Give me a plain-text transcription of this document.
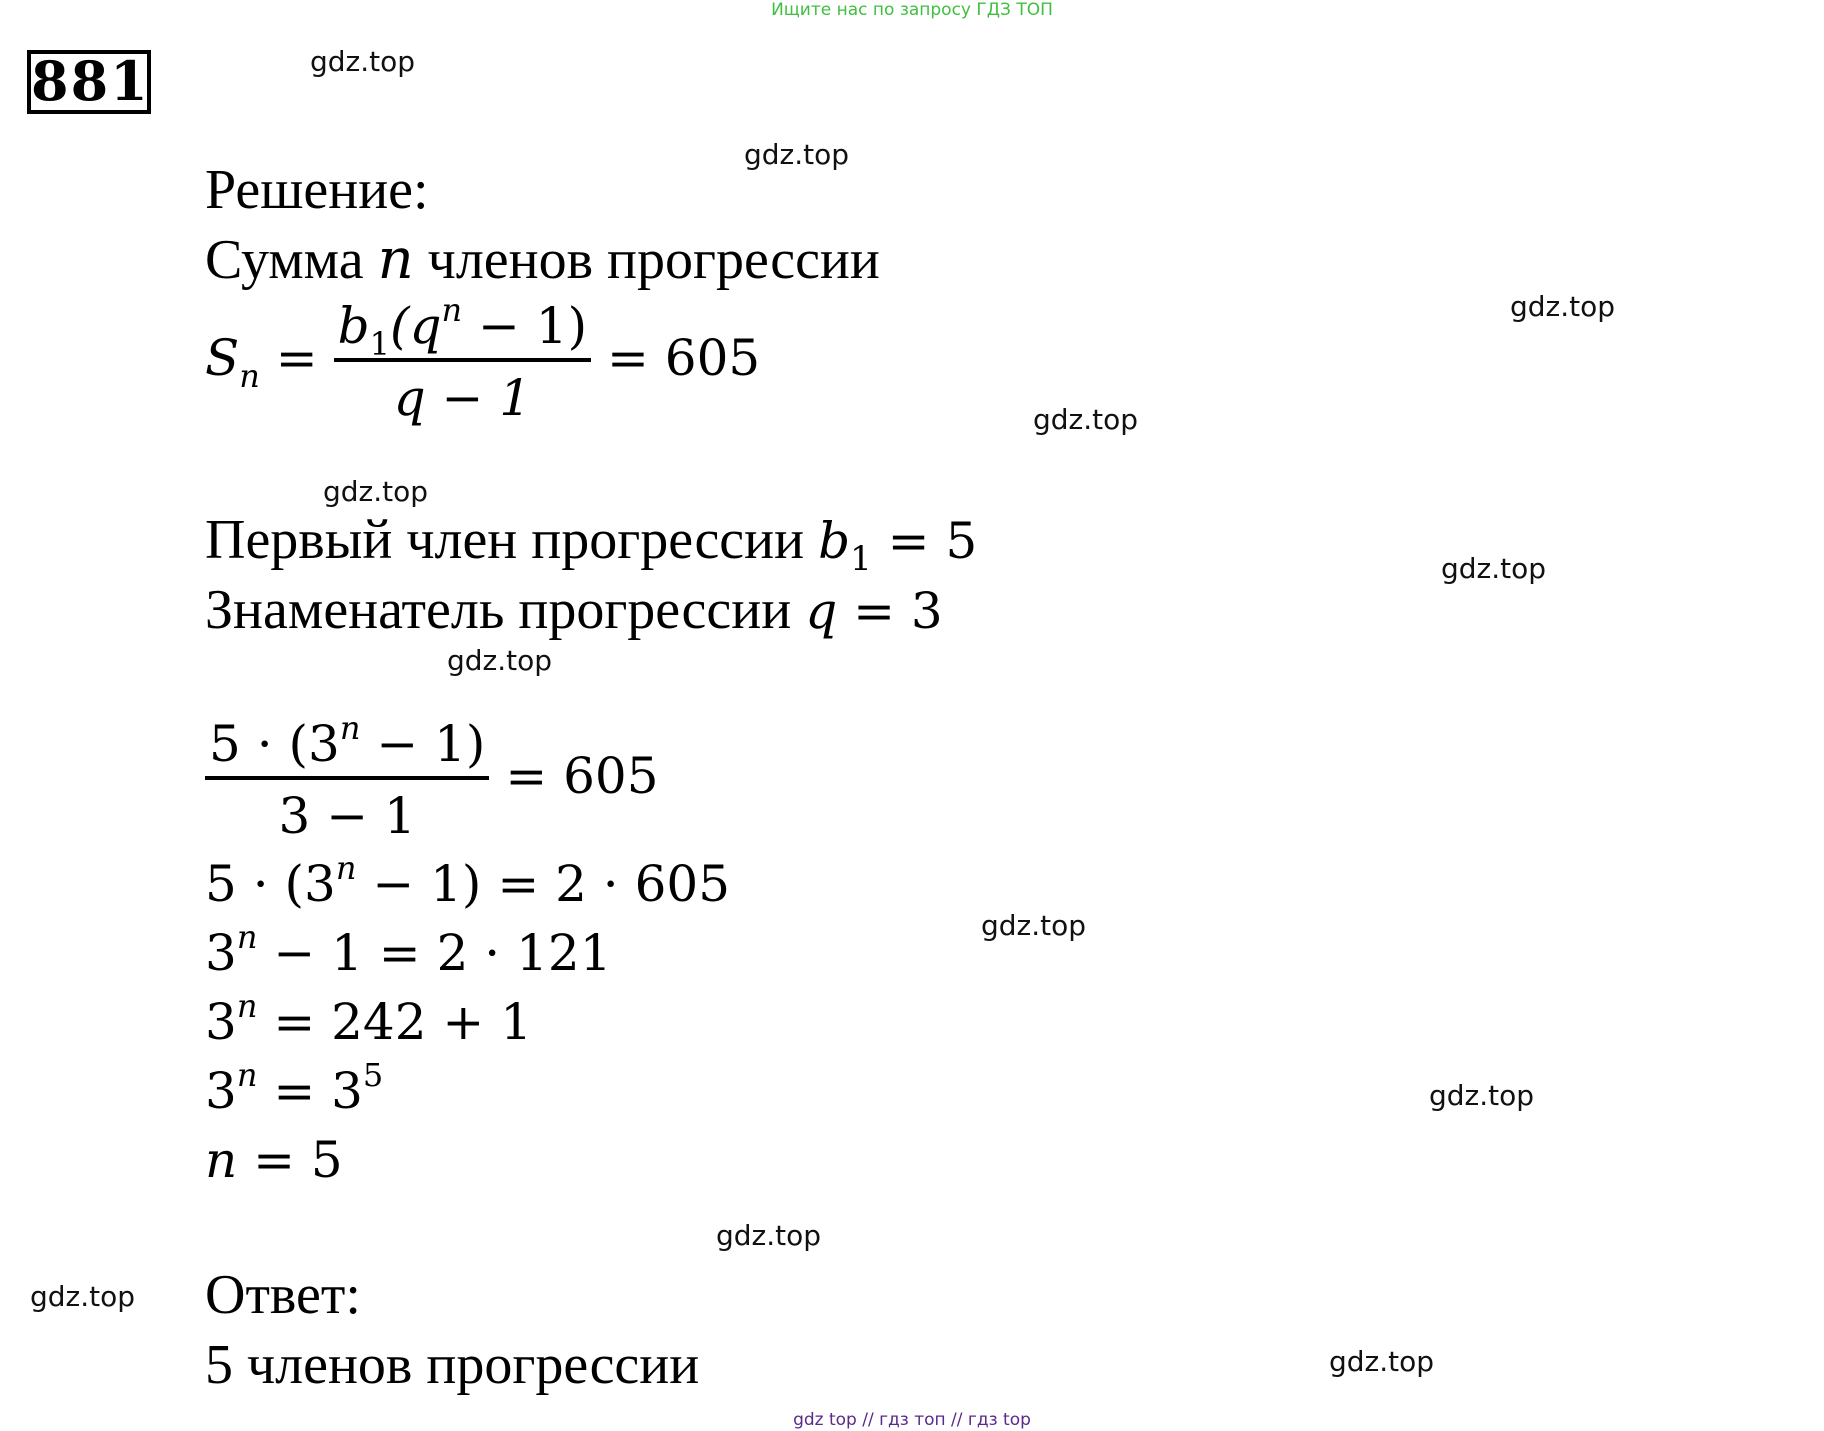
Ищите нас по запросу ГДЗ ТОП
881	gdz.top
gdz.top
gdz.top
gdz.top
gdz.top
gdz.top
gdz.top
gdz.top
gdz.top
gdz.top
gdz.top
gdz.top
Решение:
Сумма n членов прогрессии
$S_n = \frac{b_1(q^n - 1)}{q - 1} = 605$
Первый член прогрессии $b_1 = 5$
Знаменатель прогрессии q = 3
$\frac{5 \cdot (3^n - 1)}{3 - 1} = 605$
$5 \cdot (3^n - 1) = 2 \cdot 605$
$3^n - 1 = 2 \cdot 121$
$3^n = 242 + 1$
$3^n = 3^5$
n = 5
Ответ:
5 членов прогрессии
gdz top // гдз топ // гдз top
